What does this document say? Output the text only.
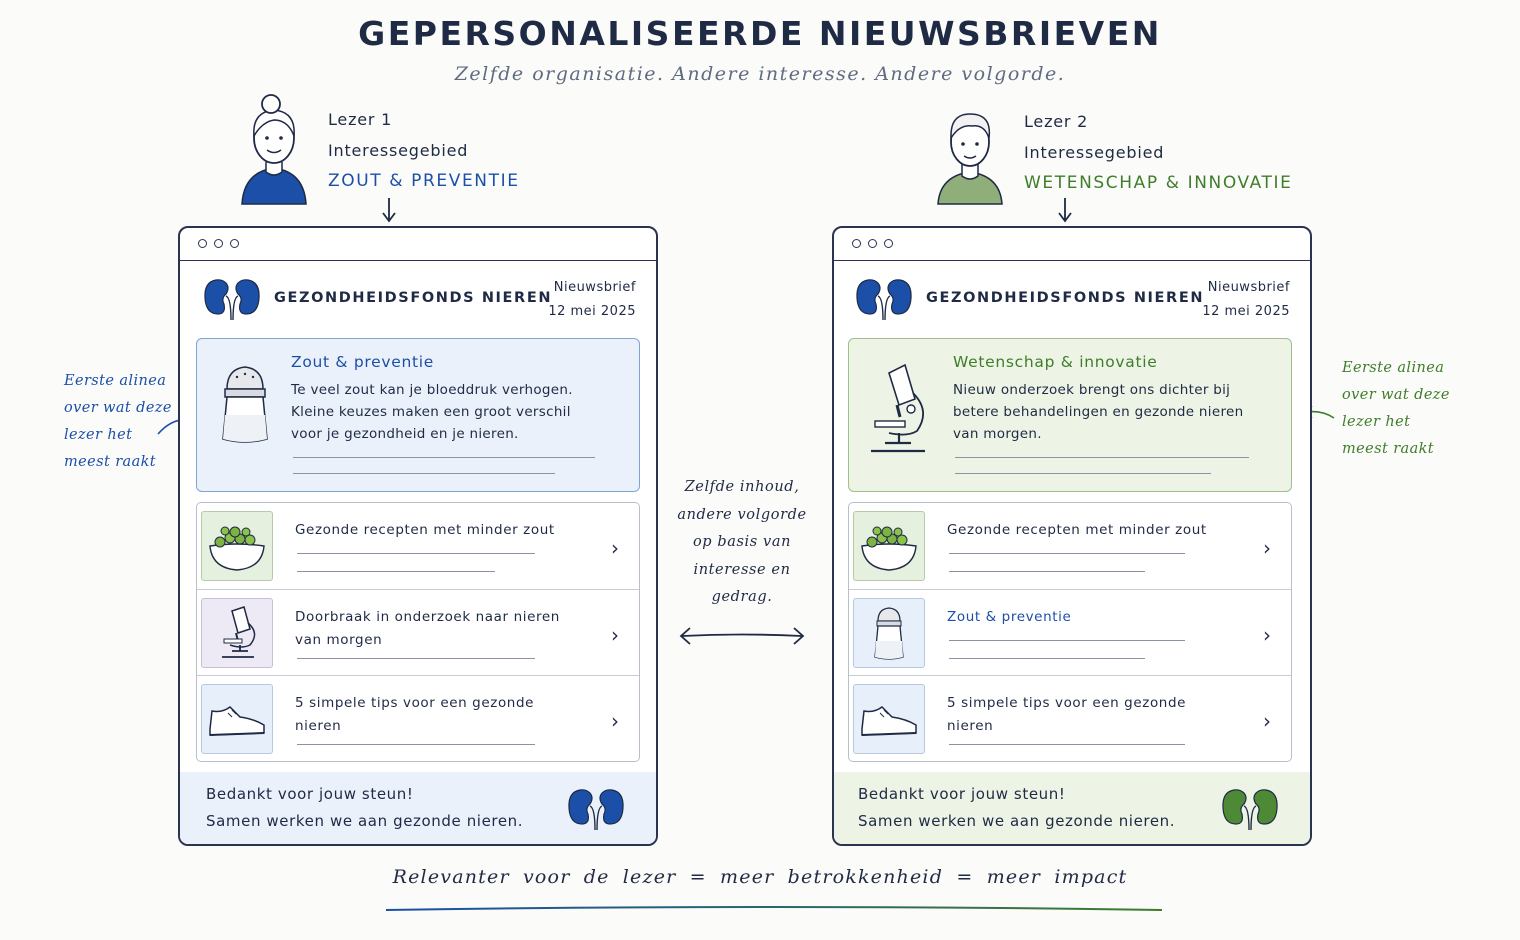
GEPERSONALISEERDE NIEUWSBRIEVEN
Zelfde organisatie. Andere interesse. Andere volgorde.
Lezer 1
Interessegebied
ZOUT & PREVENTIE
Lezer 2
Interessegebied
WETENSCHAP & INNOVATIE
Eerste alinea
over wat deze
lezer het
meest raakt
Eerste alinea
over wat deze
lezer het
meest raakt
GEZONDHEIDSFONDS NIEREN
Nieuwsbrief
12 mei 2025
Zout & preventie
Te veel zout kan je bloeddruk verhogen. Kleine keuzes maken een groot verschil voor je gezondheid en je nieren.
Gezonde recepten met minder zout
›
Doorbraak in onderzoek naar nieren van morgen	›
5 simpele tips voor een gezonde nieren	›
Bedankt voor jouw steun!
Samen werken we aan gezonde nieren.
GEZONDHEIDSFONDS NIEREN
Nieuwsbrief
12 mei 2025
Wetenschap & innovatie
Nieuw onderzoek brengt ons dichter bij betere behandelingen en gezonde nieren van morgen.
Gezonde recepten met minder zout
›
Zout & preventie
›
5 simpele tips voor een gezonde nieren	›
Bedankt voor jouw steun!
Samen werken we aan gezonde nieren.
Zelfde inhoud,
andere volgorde
op basis van
interesse en
gedrag.
Relevanter voor de lezer = meer betrokkenheid = meer impact
